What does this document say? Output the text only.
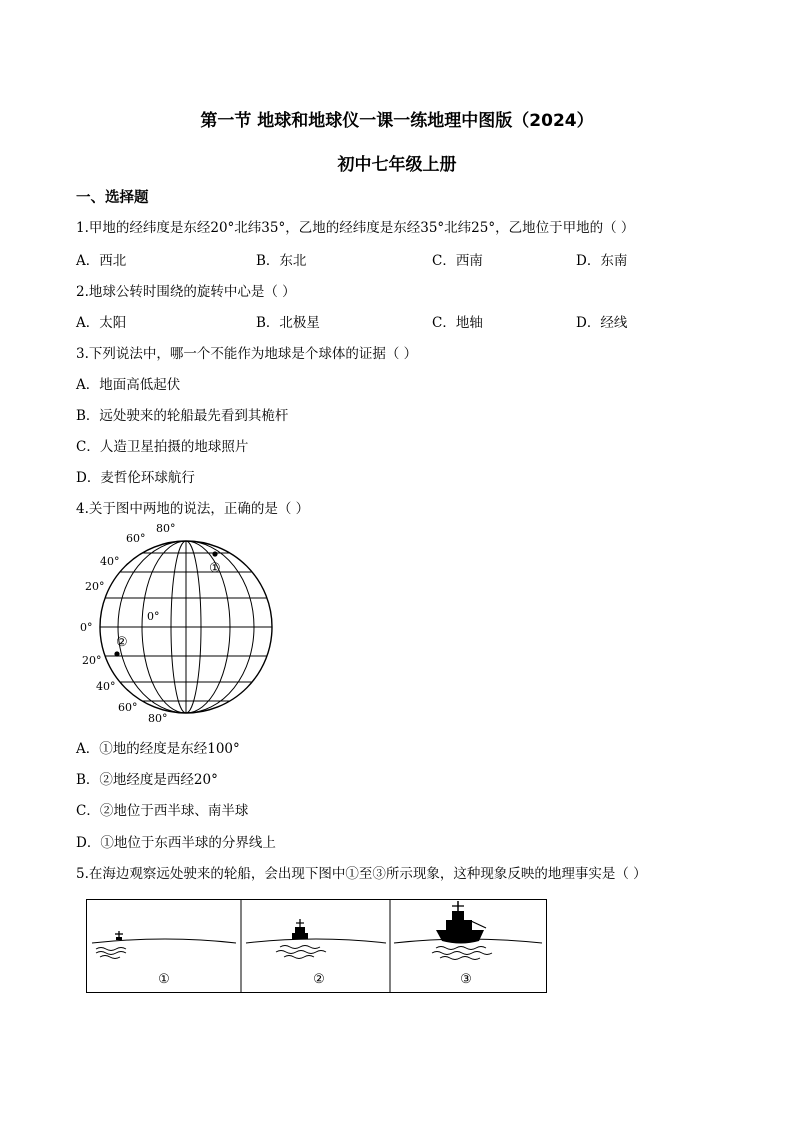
第一节 地球和地球仪一课一练地理中图版（2024）
初中七年级上册
一、选择题
1.甲地的经纬度是东经20°北纬35°，乙地的经纬度是东经35°北纬25°，乙地位于甲地的（ ）
A．西北	B．东北	C．西南	D．东南
2.地球公转时围绕的旋转中心是（ ）
A．太阳	B．北极星	C．地轴	D．经线
3.下列说法中，哪一个不能作为地球是个球体的证据（ ）
A．地面高低起伏
B．远处驶来的轮船最先看到其桅杆
C．人造卫星拍摄的地球照片
D．麦哲伦环球航行
4.关于图中两地的说法，正确的是（ ）
80°
60°
40°
20°
0°
20°
40°
60°
80°
0°
①
②
A．①地的经度是东经100°
B．②地经度是西经20°
C．②地位于西半球、南半球
D．①地位于东西半球的分界线上
5.在海边观察远处驶来的轮船，会出现下图中①至③所示现象，这种现象反映的地理事实是（ ）
①	②	③
